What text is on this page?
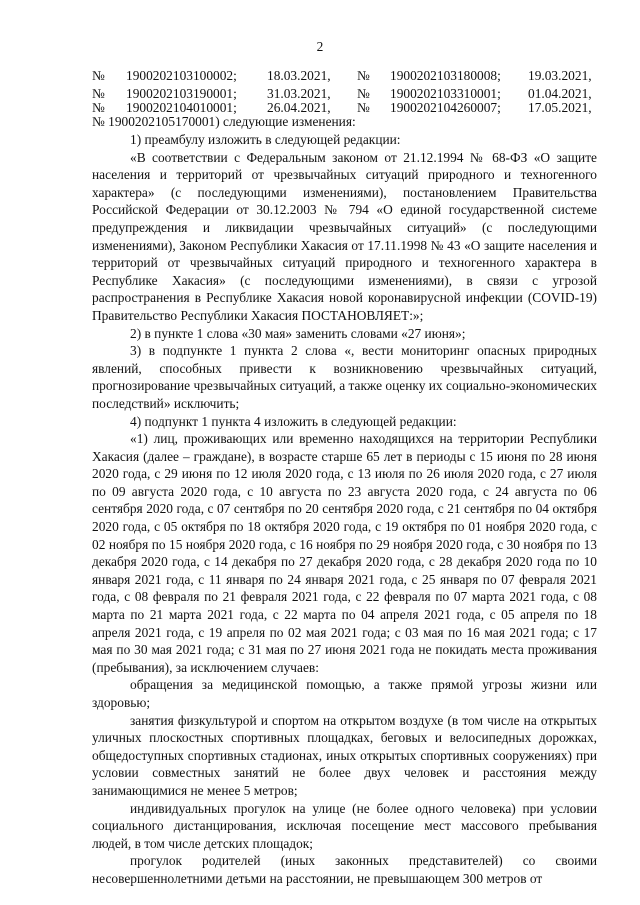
2
№ 1900202103100002; 18.03.2021, № 1900202103180008; 19.03.2021,
№ 1900202103190001; 31.03.2021, № 1900202103310001; 01.04.2021,
№ 1900202104010001; 26.04.2021, № 1900202104260007; 17.05.2021,
№ 1900202105170001) следующие изменения:

1) преамбулу изложить в следующей редакции:

«В соответствии с Федеральным законом от 21.12.1994 № 68-ФЗ «О защите населения и территорий от чрезвычайных ситуаций природного и техногенного характера» (с последующими изменениями), постановлением Правительства Российской Федерации от 30.12.2003 № 794 «О единой государственной системе предупреждения и ликвидации чрезвычайных ситуаций» (с последующими изменениями), Законом Республики Хакасия от 17.11.1998 № 43 «О защите населения и территорий от чрезвычайных ситуаций природного и техногенного характера в Республике Хакасия» (с последующими изменениями), в связи с угрозой распространения в Республике Хакасия новой коронавирусной инфекции (COVID-19) Правительство Республики Хакасия ПОСТАНОВЛЯЕТ:»;

2) в пункте 1 слова «30 мая» заменить словами «27 июня»;

3) в подпункте 1 пункта 2 слова «, вести мониторинг опасных природных явлений, способных привести к возникновению чрезвычайных ситуаций, прогнозирование чрезвычайных ситуаций, а также оценку их социально-экономических последствий» исключить;

4) подпункт 1 пункта 4 изложить в следующей редакции:

«1) лиц, проживающих или временно находящихся на территории Республики Хакасия (далее – граждане), в возрасте старше 65 лет в периоды с 15 июня по 28 июня 2020 года, с 29 июня по 12 июля 2020 года, с 13 июля по 26 июля 2020 года, с 27 июля по 09 августа 2020 года, с 10 августа по 23 августа 2020 года, с 24 августа по 06 сентября 2020 года, с 07 сентября по 20 сентября 2020 года, с 21 сентября по 04 октября 2020 года, с 05 октября по 18 октября 2020 года, с 19 октября по 01 ноября 2020 года, с 02 ноября по 15 ноября 2020 года, с 16 ноября по 29 ноября 2020 года, с 30 ноября по 13 декабря 2020 года, с 14 декабря по 27 декабря 2020 года, с 28 декабря 2020 года по 10 января 2021 года, с 11 января по 24 января 2021 года, с 25 января по 07 февраля 2021 года, с 08 февраля по 21 февраля 2021 года, с 22 февраля по 07 марта 2021 года, с 08 марта по 21 марта 2021 года, с 22 марта по 04 апреля 2021 года, с 05 апреля по 18 апреля 2021 года, с 19 апреля по 02 мая 2021 года; с 03 мая по 16 мая 2021 года; с 17 мая по 30 мая 2021 года; с 31 мая по 27 июня 2021 года не покидать места проживания (пребывания), за исключением случаев:

обращения за медицинской помощью, а также прямой угрозы жизни или здоровью;

занятия физкультурой и спортом на открытом воздухе (в том числе на открытых уличных плоскостных спортивных площадках, беговых и велосипедных дорожках, общедоступных спортивных стадионах, иных открытых спортивных сооружениях) при условии совместных занятий не более двух человек и расстояния между занимающимися не менее 5 метров;

индивидуальных прогулок на улице (не более одного человека) при условии социального дистанцирования, исключая посещение мест массового пребывания людей, в том числе детских площадок;

прогулок родителей (иных законных представителей) со своими несовершеннолетними детьми на расстоянии, не превышающем 300 метров от
